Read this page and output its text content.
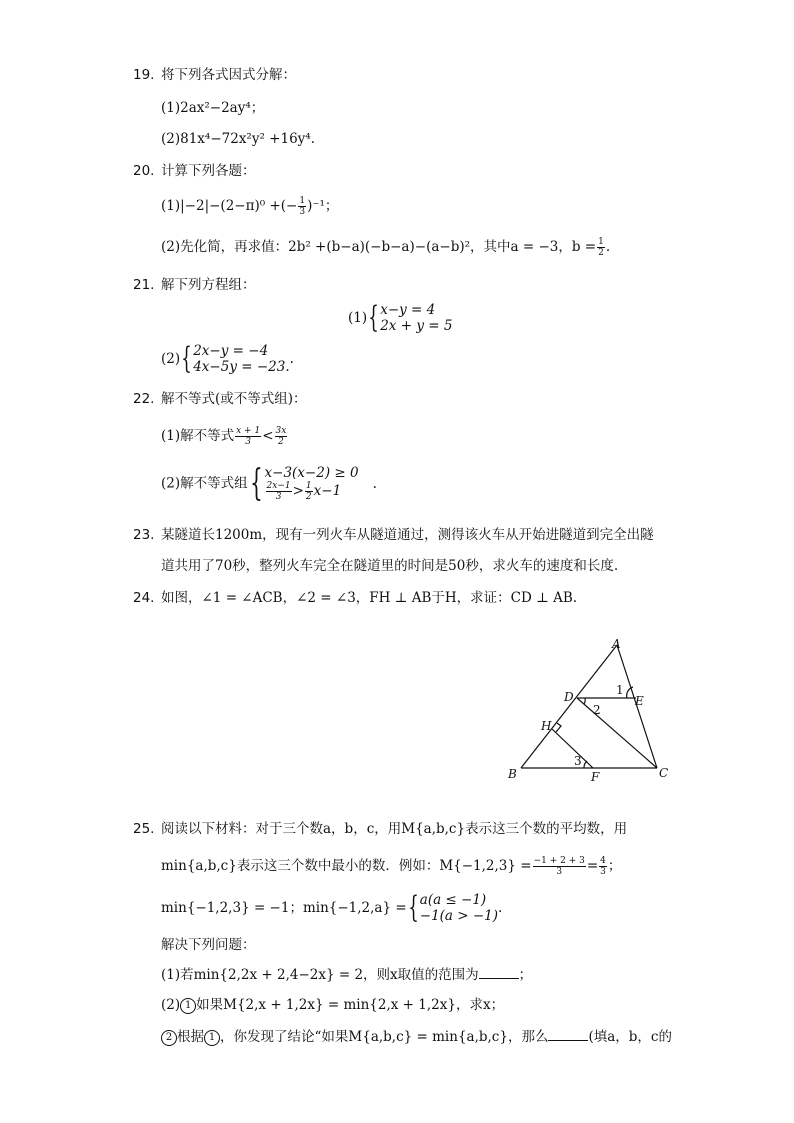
19. 将下列各式因式分解：
(1)2ax²−2ay⁴；
(2)81x⁴−72x²y² +16y⁴.
20. 计算下列各题：
(1)|−2|−(2−π)⁰ +(− $\frac{1}{3} )^{-1}$；
(2)先化简，再求值：2b² +(b−a)(−b−a)−(a−b)²，其中a = −3，$b = \frac{1}{2}$ .
21. 解下列方程组：
(1){ x−y = 4
2x + y = 5
(2){ 2x−y = −4
4x−5y = −23. .
22. 解不等式(或不等式组)：
(1)解不等式 $\frac{x + 1}{3} < \frac{3x}{2}$
(2)解不等式组{ x−3(x−2) ≥ 0
$\frac{2x-1}{3} > \frac{1}{2} x-1$	.
23. 某隧道长1200m，现有一列火车从隧道通过，测得该火车从开始进隧道到完全出隧
道共用了70秒，整列火车完全在隧道里的时间是50秒，求火车的速度和长度.
24. 如图，∠1 = ∠ACB，∠2 = ∠3，FH ⊥ AB于H，求证：CD ⊥ AB.
A
B	C
D	E
F
H
1
2
3
25. 阅读以下材料：对于三个数a，b，c，用M{a,b,c}表示这三个数的平均数，用
min{a,b,c}表示这三个数中最小的数．例如：$M\{-1,2,3\} = \frac{-1 + 2 + 3}{3} = \frac{4}{3}$ ；
min{−1,2,3} = −1；min{−1,2,a} ={ a(a ≤ −1)
−1(a > −1) .
解决下列问题：
(1)若min{2,2x + 2,4−2x} = 2，则x取值的范围为	；
(2) 1 如果M{2,x + 1,2x} = min{2,x + 1,2x}，求x；
2 根据 1 ，你发现了结论“如果M{a,b,c} = min{a,b,c}，那么	(填a，b，c的
